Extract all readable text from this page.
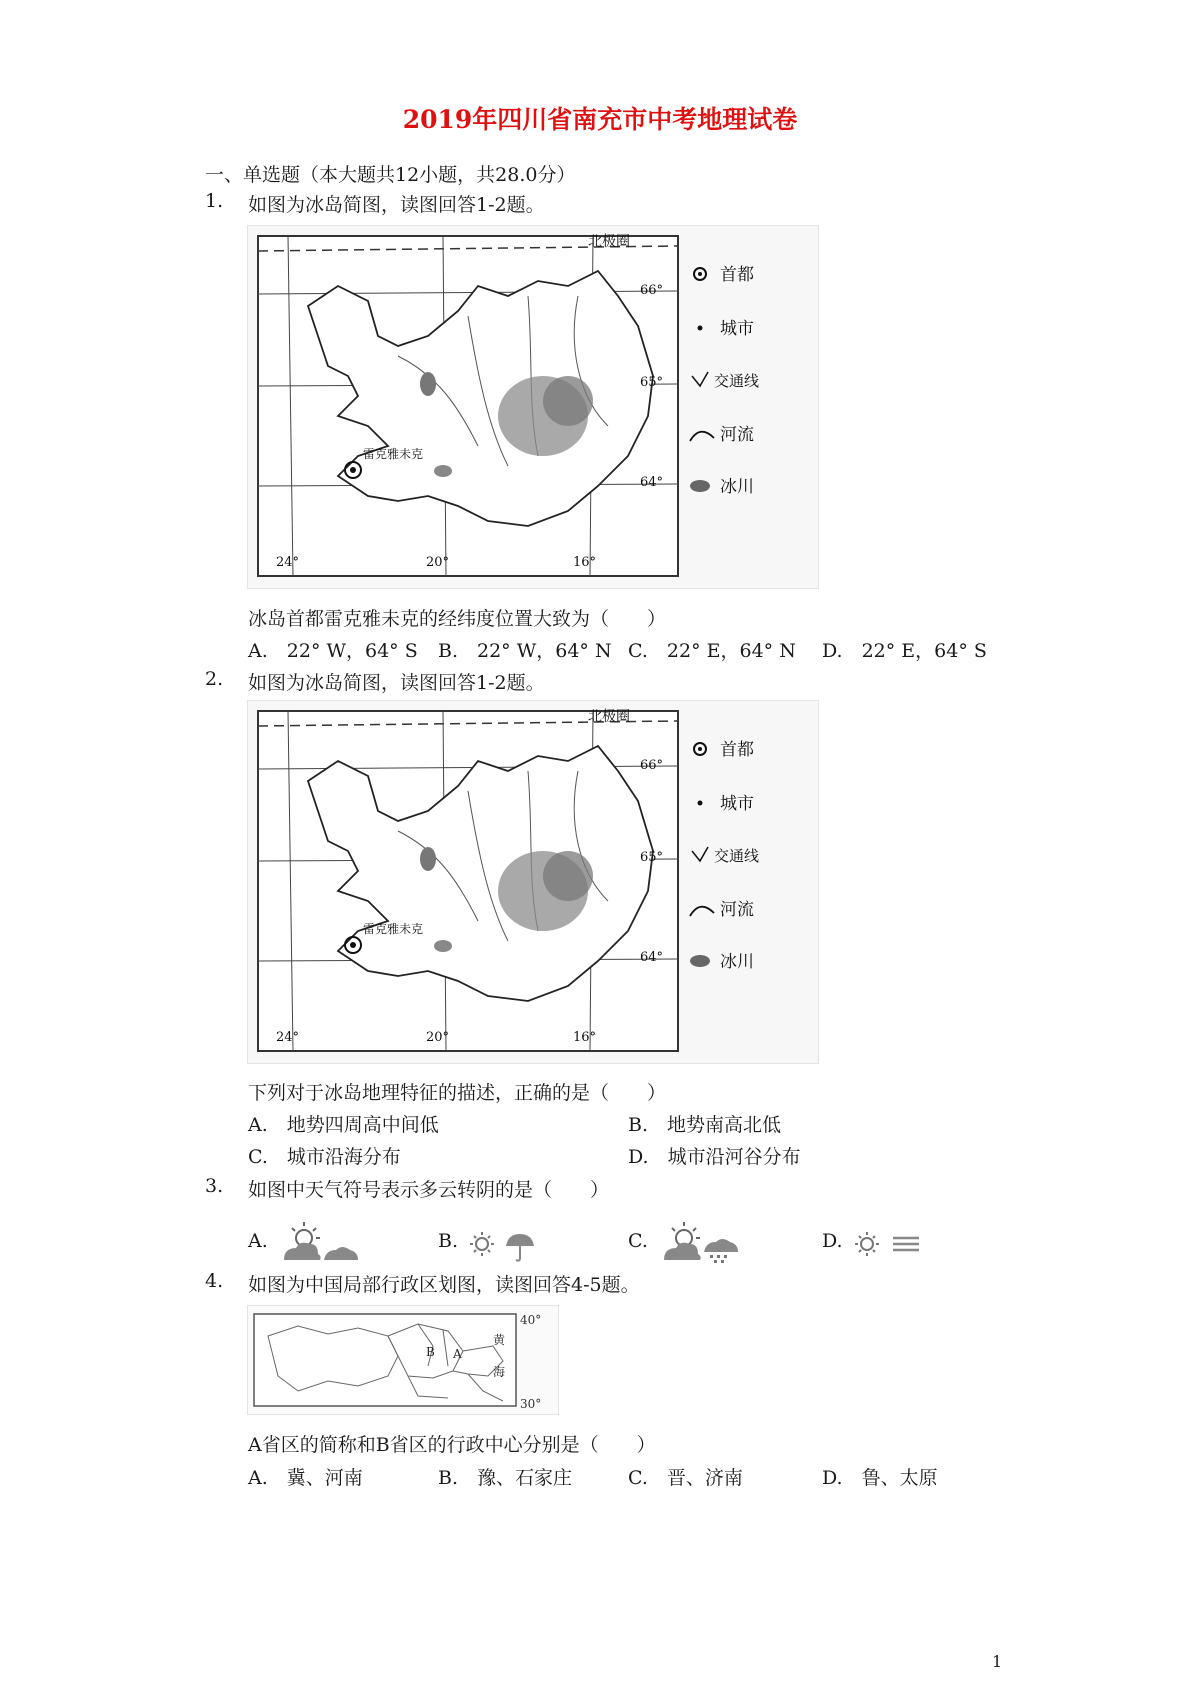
2019年四川省南充市中考地理试卷
一、单选题（本大题共12小题，共28.0分）
1. 如图为冰岛简图，读图回答1-2题。
北极圈
雷克雅未克
66°
65°
64°
24°	20°	16°
首都
城市
交通线
河流
冰川
冰岛首都雷克雅未克的经纬度位置大致为（　　）
A.　22° W，64° S B.　22° W，64° N C.　22° E，64° N D.　22° E，64° S
2. 如图为冰岛简图，读图回答1-2题。
北极圈
雷克雅未克
66°
65°
64°
24°	20°	16°
首都
城市
交通线
河流
冰川
下列对于冰岛地理特征的描述，正确的是（　　）
A.　地势四周高中间低	B.　地势南高北低
C.　城市沿海分布	D.　城市沿河谷分布
3. 如图中天气符号表示多云转阴的是（　　）
A.	B.	C.	D.
4. 如图为中国局部行政区划图，读图回答4-5题。
B A
黄
海
40°
30°
A省区的简称和B省区的行政中心分别是（　　）
A.　冀、河南	B.　豫、石家庄	C.　晋、济南	D.　鲁、太原
1
